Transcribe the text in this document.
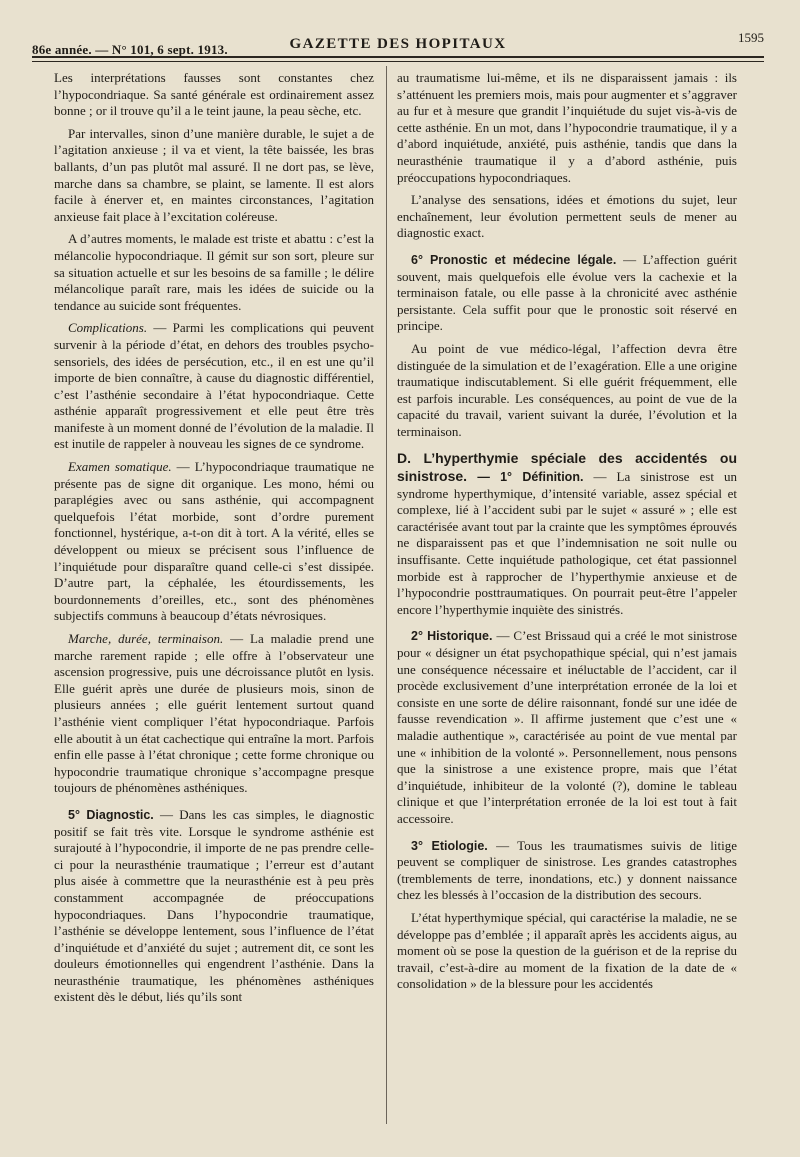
86e année. — N° 101, 6 sept. 1913.	GAZETTE DES HOPITAUX	1595

Les interprétations fausses sont constantes chez l’hypocondriaque. Sa santé générale est ordinairement assez bonne ; or il trouve qu’il a le teint jaune, la peau sèche, etc.

Par intervalles, sinon d’une manière durable, le sujet a de l’agitation anxieuse ; il va et vient, la tête baissée, les bras ballants, d’un pas plutôt mal assuré. Il ne dort pas, se lève, marche dans sa chambre, se plaint, se lamente. Il est alors facile à énerver et, en maintes circonstances, l’agitation anxieuse fait place à l’excitation coléreuse.

A d’autres moments, le malade est triste et abattu : c’est la mélancolie hypocondriaque. Il gémit sur son sort, pleure sur sa situation actuelle et sur les besoins de sa famille ; le délire mélancolique paraît rare, mais les idées de suicide ou la tendance au suicide sont fréquentes.

Complications. — Parmi les complications qui peuvent survenir à la période d’état, en dehors des troubles psycho-sensoriels, des idées de persécution, etc., il en est une qu’il importe de bien connaître, à cause du diagnostic différentiel, c’est l’asthénie secondaire à l’état hypocondriaque. Cette asthénie apparaît progressivement et elle peut être très manifeste à un moment donné de l’évolution de la maladie. Il est inutile de rappeler à nouveau les signes de ce syndrome.

Examen somatique. — L’hypocondriaque traumatique ne présente pas de signe dit organique. Les mono, hémi ou paraplégies avec ou sans asthénie, qui accompagnent quelquefois l’état morbide, sont d’ordre purement fonctionnel, hystérique, a-t-on dit à tort. A la vérité, elles se développent ou mieux se précisent sous l’influence de l’inquiétude pour disparaître quand celle-ci s’est dissipée. D’autre part, la céphalée, les étourdissements, les bourdonnements d’oreilles, etc., sont des phénomènes subjectifs communs à beaucoup d’états névrosiques.

Marche, durée, terminaison. — La maladie prend une marche rarement rapide ; elle offre à l’observateur une ascension progressive, puis une décroissance plutôt en lysis. Elle guérit après une durée de plusieurs mois, sinon de plusieurs années ; elle guérit lentement surtout quand l’asthénie vient compliquer l’état hypocondriaque. Parfois elle aboutit à un état cachectique qui entraîne la mort. Parfois enfin elle passe à l’état chronique ; cette forme chronique ou hypocondrie traumatique chronique s’accompagne presque toujours de phénomènes asthéniques.

5° Diagnostic. — Dans les cas simples, le diagnostic positif se fait très vite. Lorsque le syndrome asthénie est surajouté à l’hypocondrie, il importe de ne pas prendre celle-ci pour la neurasthénie traumatique ; l’erreur est d’autant plus aisée à commettre que la neurasthénie est à peu près constamment accompagnée de préoccupations hypocondriaques. Dans l’hypocondrie traumatique, l’asthénie se développe lentement, sous l’influence de l’état d’inquiétude et d’anxiété du sujet ; autrement dit, ce sont les douleurs émotionnelles qui engendrent l’asthénie. Dans la neurasthénie traumatique, les phénomènes asthéniques existent dès le début, liés qu’ils sont

au traumatisme lui-même, et ils ne disparaissent jamais : ils s’atténuent les premiers mois, mais pour augmenter et s’aggraver au fur et à mesure que grandit l’inquiétude du sujet vis-à-vis de cette asthénie. En un mot, dans l’hypocondrie traumatique, il y a d’abord inquiétude, anxiété, puis asthénie, tandis que dans la neurasthénie traumatique il y a d’abord asthénie, puis préoccupations hypocondriaques.

L’analyse des sensations, idées et émotions du sujet, leur enchaînement, leur évolution permettent seuls de mener au diagnostic exact.

6° Pronostic et médecine légale. — L’affection guérit souvent, mais quelquefois elle évolue vers la cachexie et la terminaison fatale, ou elle passe à la chronicité avec asthénie persistante. Cela suffit pour que le pronostic soit réservé en principe.

Au point de vue médico-légal, l’affection devra être distinguée de la simulation et de l’exagération. Elle a une origine traumatique indiscutablement. Si elle guérit fréquemment, elle est parfois incurable. Les conséquences, au point de vue de la capacité du travail, varient suivant la durée, l’évolution et la terminaison.

D. L’hyperthymie spéciale des accidentés ou sinistrose. — 1° Définition. — La sinistrose est un syndrome hyperthymique, d’intensité variable, assez spécial et complexe, lié à l’accident subi par le sujet « assuré » ; elle est caractérisée avant tout par la crainte que les symptômes éprouvés ne disparaissent pas et que l’indemnisation ne soit nulle ou insuffisante. Cette inquiétude pathologique, cet état passionnel morbide est à rapprocher de l’hyperthymie anxieuse et de l’hypocondrie posttraumatiques. On pourrait peut-être l’appeler encore l’hyperthymie inquiète des sinistrés.

2° Historique. — C’est Brissaud qui a créé le mot sinistrose pour « désigner un état psychopathique spécial, qui n’est jamais une conséquence nécessaire et inéluctable de l’accident, car il procède exclusivement d’une interprétation erronée de la loi et consiste en une sorte de délire raisonnant, fondé sur une idée de fausse revendication ». Il affirme justement que c’est une « maladie authentique », caractérisée au point de vue mental par une « inhibition de la volonté ». Personnellement, nous pensons que la sinistrose a une existence propre, mais que l’état d’inquiétude, inhibiteur de la volonté (?), domine le tableau clinique et que l’interprétation erronée de la loi est tout à fait accessoire.

3° Etiologie. — Tous les traumatismes suivis de litige peuvent se compliquer de sinistrose. Les grandes catastrophes (tremblements de terre, inondations, etc.) y donnent naissance chez les blessés à l’occasion de la distribution des secours.

L’état hyperthymique spécial, qui caractérise la maladie, ne se développe pas d’emblée ; il apparaît après les accidents aigus, au moment où se pose la question de la guérison et de la reprise du travail, c’est-à-dire au moment de la fixation de la date de « consolidation » de la blessure pour les accidentés
